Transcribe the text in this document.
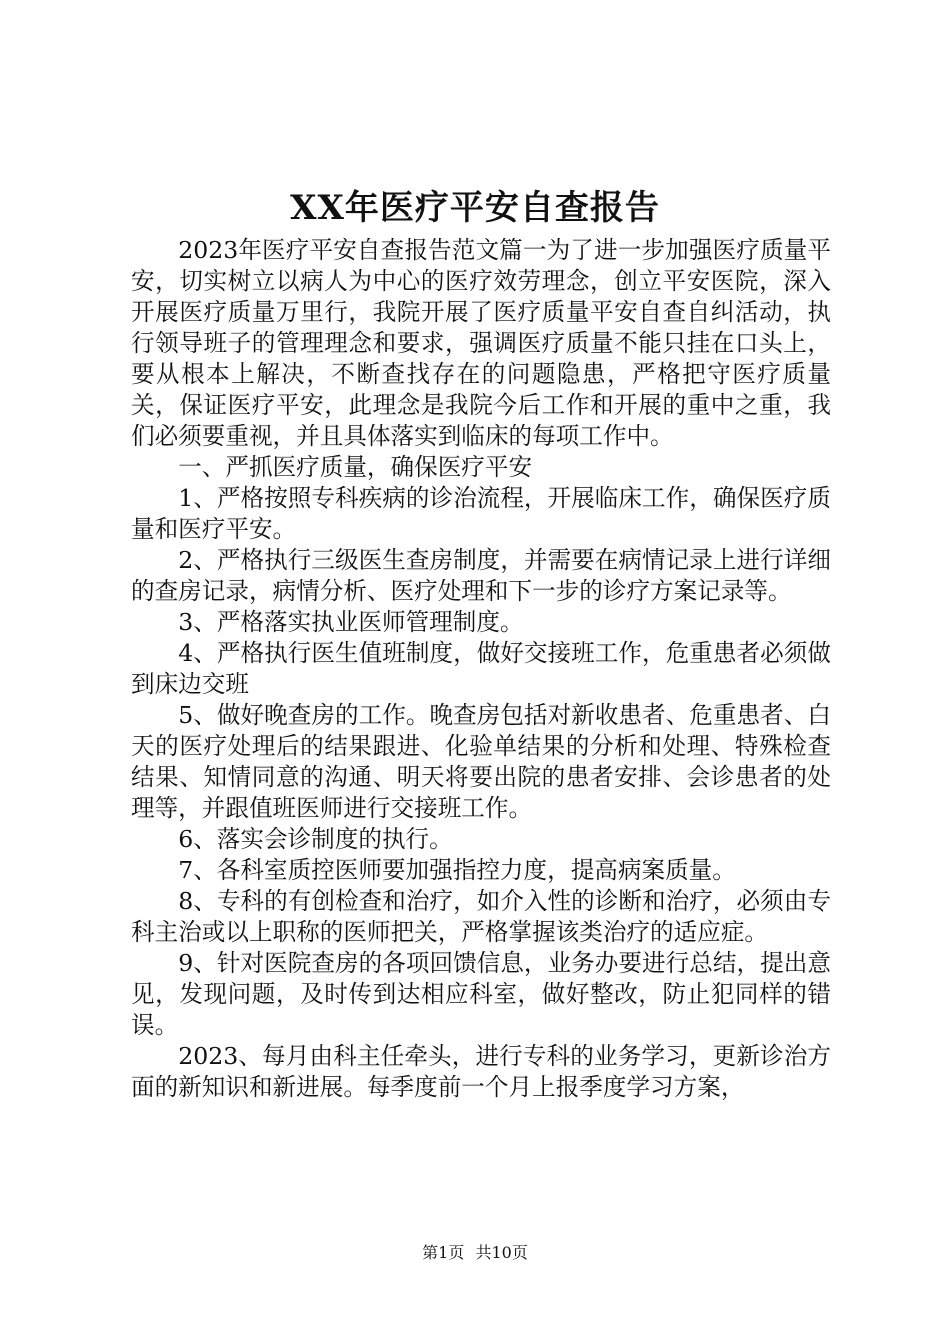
XX年医疗平安自查报告

2023年医疗平安自查报告范文篇一为了进一步加强医疗质量平安，切实树立以病人为中心的医疗效劳理念，创立平安医院，深入开展医疗质量万里行，我院开展了医疗质量平安自查自纠活动，执行领导班子的管理理念和要求，强调医疗质量不能只挂在口头上，要从根本上解决，不断查找存在的问题隐患，严格把守医疗质量关，保证医疗平安，此理念是我院今后工作和开展的重中之重，我们必须要重视，并且具体落实到临床的每项工作中。

一、严抓医疗质量，确保医疗平安

1、严格按照专科疾病的诊治流程，开展临床工作，确保医疗质量和医疗平安。

2、严格执行三级医生查房制度，并需要在病情记录上进行详细的查房记录，病情分析、医疗处理和下一步的诊疗方案记录等。

3、严格落实执业医师管理制度。

4、严格执行医生值班制度，做好交接班工作，危重患者必须做到床边交班

5、做好晚查房的工作。晚查房包括对新收患者、危重患者、白天的医疗处理后的结果跟进、化验单结果的分析和处理、特殊检查结果、知情同意的沟通、明天将要出院的患者安排、会诊患者的处理等，并跟值班医师进行交接班工作。

6、落实会诊制度的执行。

7、各科室质控医师要加强指控力度，提高病案质量。

8、专科的有创检查和治疗，如介入性的诊断和治疗，必须由专科主治或以上职称的医师把关，严格掌握该类治疗的适应症。

9、针对医院查房的各项回馈信息，业务办要进行总结，提出意见，发现问题，及时传到达相应科室，做好整改，防止犯同样的错误。

2023、每月由科主任牵头，进行专科的业务学习，更新诊治方面的新知识和新进展。每季度前一个月上报季度学习方案，

第1页 共10页
